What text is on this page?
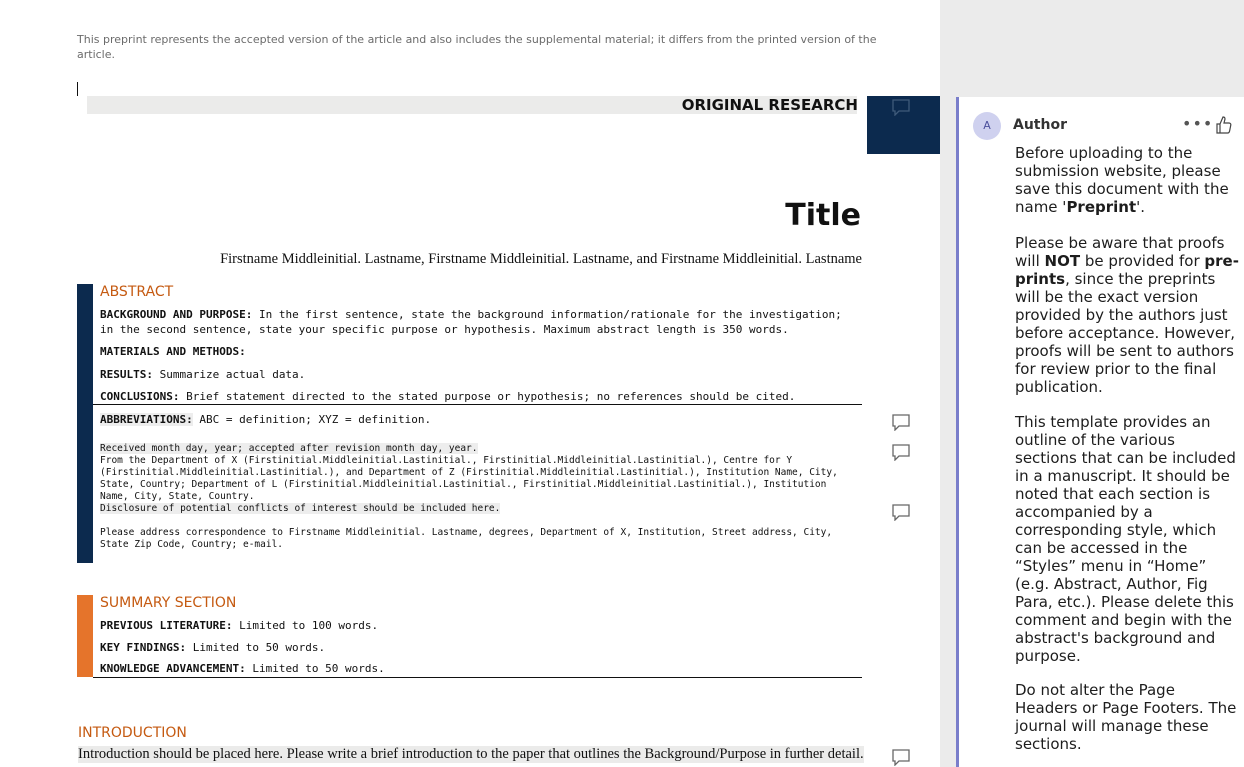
This preprint represents the accepted version of the article and also includes the supplemental material; it differs from the printed version of the article.
ORIGINAL RESEARCH
Title
Firstname Middleinitial. Lastname, Firstname Middleinitial. Lastname, and Firstname Middleinitial. Lastname
ABSTRACT
BACKGROUND AND PURPOSE: In the first sentence, state the background information/rationale for the investigation; in the second sentence, state your specific purpose or hypothesis. Maximum abstract length is 350 words.
MATERIALS AND METHODS:
RESULTS: Summarize actual data.
CONCLUSIONS: Brief statement directed to the stated purpose or hypothesis; no references should be cited.
ABBREVIATIONS: ABC = definition; XYZ = definition.
Received month day, year; accepted after revision month day, year.
From the Department of X (Firstinitial.Middleinitial.Lastinitial., Firstinitial.Middleinitial.Lastinitial.), Centre for Y (Firstinitial.Middleinitial.Lastinitial.), and Department of Z (Firstinitial.Middleinitial.Lastinitial.), Institution Name, City, State, Country; Department of L (Firstinitial.Middleinitial.Lastinitial., Firstinitial.Middleinitial.Lastinitial.), Institution Name, City, State, Country.
Disclosure of potential conflicts of interest should be included here.
Please address correspondence to Firstname Middleinitial. Lastname, degrees, Department of X, Institution, Street address, City, State Zip Code, Country; e-mail.
SUMMARY SECTION
PREVIOUS LITERATURE: Limited to 100 words.
KEY FINDINGS: Limited to 50 words.
KNOWLEDGE ADVANCEMENT: Limited to 50 words.
INTRODUCTION
Introduction should be placed here. Please write a brief introduction to the paper that outlines the Background/Purpose in further detail.
A	Author	•••
Before uploading to the submission website, please save this document with the name 'Preprint'.
Please be aware that proofs will NOT be provided for pre-prints, since the preprints will be the exact version provided by the authors just before acceptance. However, proofs will be sent to authors for review prior to the final publication.
This template provides an outline of the various sections that can be included in a manuscript. It should be noted that each section is accompanied by a corresponding style, which can be accessed in the “Styles” menu in “Home” (e.g. Abstract, Author, Fig Para, etc.). Please delete this comment and begin with the abstract's background and purpose.
Do not alter the Page Headers or Page Footers. The journal will manage these sections.
